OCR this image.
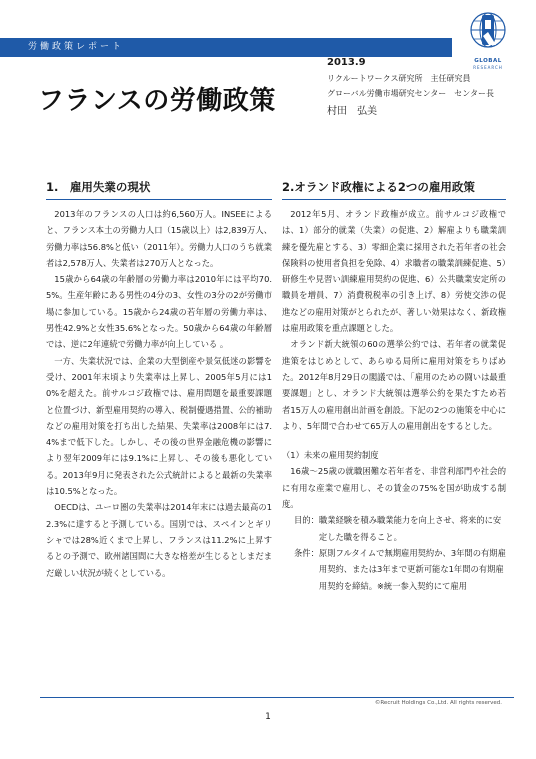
労働政策レポート
GLOBAL
RESEARCH
2013.9
フランスの労働政策
リクルートワークス研究所　主任研究員
グローバル労働市場研究センター　センター長
村田　弘美
1.　雇用失業の現状

2013年のフランスの人口は約6,560万人。INSEEによると、フランス本土の労働力人口（15歳以上）は2,839万人、労働力率は56.8%と低い（2011年）。労働力人口のうち就業者は2,578万人、失業者は270万人となった。

15歳から64歳の年齢層の労働力率は2010年には平均70.5%。生産年齢にある男性の4分の3、女性の3分の2が労働市場に参加している。15歳から24歳の若年層の労働力率は、男性42.9%と女性35.6%となった。50歳から64歳の年齢層では、逆に2年連続で労働力率が向上している 。

一方、失業状況では、企業の大型倒産や景気低迷の影響を受け、2001年末頃より失業率は上昇し、2005年5月には10%を超えた。前サルコジ政権では、雇用問題を最重要課題と位置づけ、新型雇用契約の導入、税制優遇措置、公的補助などの雇用対策を打ち出した結果、失業率は2008年には7.4%まで低下した。しかし、その後の世界金融危機の影響により翌年2009年には9.1%に上昇し、その後も悪化している。2013年9月に発表された公式統計によると最新の失業率は10.5%となった。

OECDは、ユーロ圏の失業率は2014年末には過去最高の12.3%に達すると予測している。国別では、スペインとギリシャでは28%近くまで上昇し、フランスは11.2%に上昇するとの予測で、欧州諸国間に大きな格差が生じるとしまだまだ厳しい状況が続くとしている。

2.オランド政権による2つの雇用政策

2012年5月、オランド政権が成立。前サルコジ政権では、1）部分的就業（失業）の促進、2）解雇よりも職業訓練を優先雇とする、3）零細企業に採用された若年者の社会保険料の使用者負担を免除、4）求職者の職業訓練促進、5）研修生や見習い訓練雇用契約の促進、6）公共職業安定所の職員を増員、7）消費税税率の引き上げ、8）労使交渉の促進などの雇用対策がとられたが、著しい効果はなく、新政権は雇用政策を重点課題とした。

オランド新大統領の60の選挙公約では、若年者の就業促進策をはじめとして、あらゆる局所に雇用対策をちりばめた。2012年8月29日の閣議では、「雇用のための闘いは最重要課題」とし、オランド大統領は選挙公約を果たすため若者15万人の雇用創出計画を創設。下記の2つの施策を中心により、5年間で合わせて65万人の雇用創出をするとした。

（1）未来の雇用契約制度

16歳～25歳の就職困難な若年者を、非営利部門や社会的に有用な産業で雇用し、その賃金の75%を国が助成する制度。

目的： 職業経験を積み職業能力を向上させ、将来的に安定した職を得ること。
条件： 原則フルタイムで無期雇用契約か、3年間の有期雇用契約、または3年まで更新可能な1年間の有期雇用契約を締結。※統一参入契約にて雇用
©Recruit Holdings Co.,Ltd. All rights reserved.
1
